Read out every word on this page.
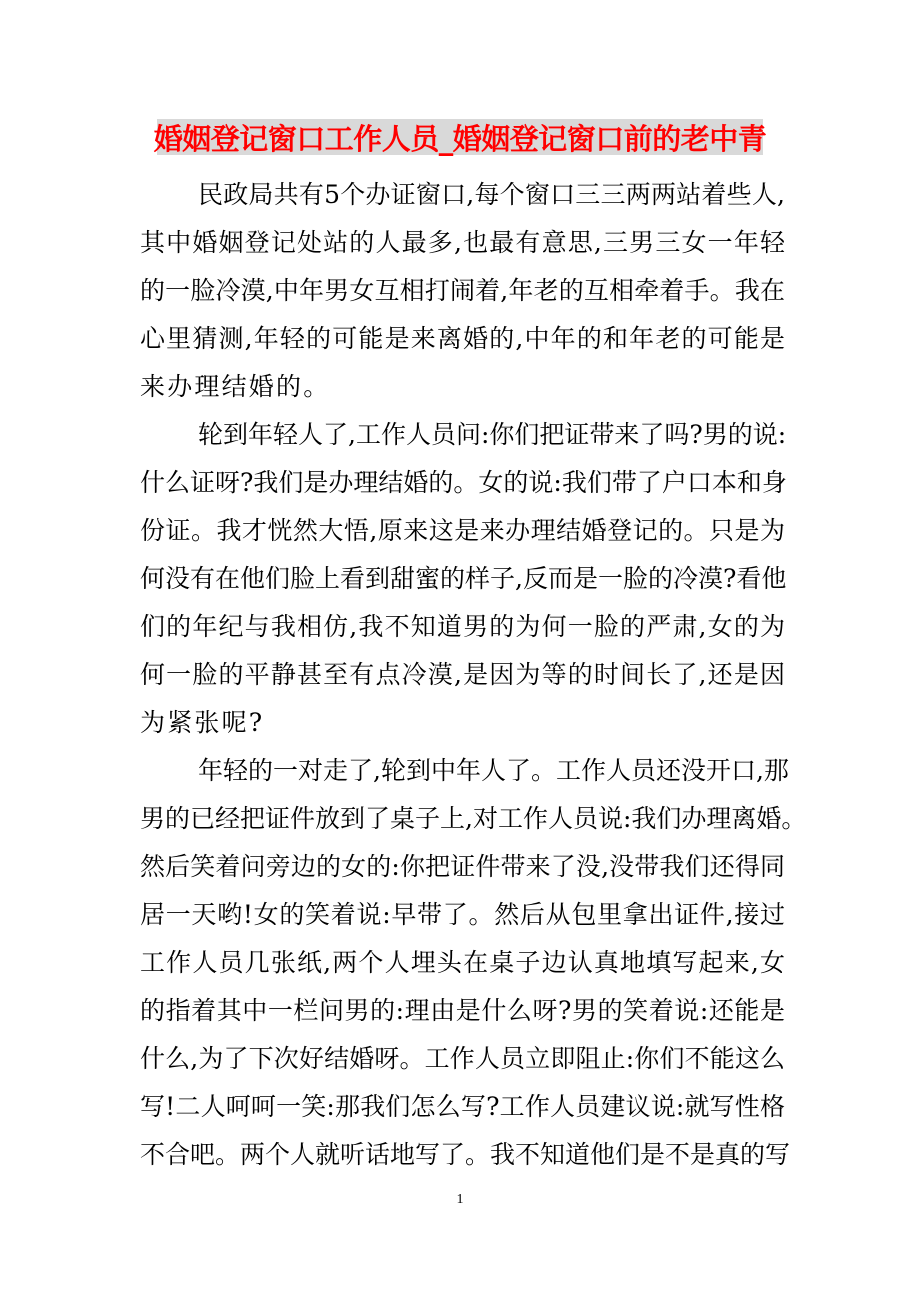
婚姻登记窗口工作人员_婚姻登记窗口前的老中青
民政局共有5个办证窗口,每个窗口三三两两站着些人,
其中婚姻登记处站的人最多,也最有意思,三男三女一年轻
的一脸冷漠,中年男女互相打闹着,年老的互相牵着手。我在
心里猜测,年轻的可能是来离婚的,中年的和年老的可能是
来办理结婚的。
轮到年轻人了,工作人员问:你们把证带来了吗?男的说:
什么证呀?我们是办理结婚的。女的说:我们带了户口本和身
份证。我才恍然大悟,原来这是来办理结婚登记的。只是为
何没有在他们脸上看到甜蜜的样子,反而是一脸的冷漠?看他
们的年纪与我相仿,我不知道男的为何一脸的严肃,女的为
何一脸的平静甚至有点冷漠,是因为等的时间长了,还是因
为紧张呢?
年轻的一对走了,轮到中年人了。工作人员还没开口,那
男的已经把证件放到了桌子上,对工作人员说:我们办理离婚。
然后笑着问旁边的女的:你把证件带来了没,没带我们还得同
居一天哟!女的笑着说:早带了。然后从包里拿出证件,接过
工作人员几张纸,两个人埋头在桌子边认真地填写起来,女
的指着其中一栏问男的:理由是什么呀?男的笑着说:还能是
什么,为了下次好结婚呀。工作人员立即阻止:你们不能这么
写!二人呵呵一笑:那我们怎么写?工作人员建议说:就写性格
不合吧。两个人就听话地写了。我不知道他们是不是真的写
1
